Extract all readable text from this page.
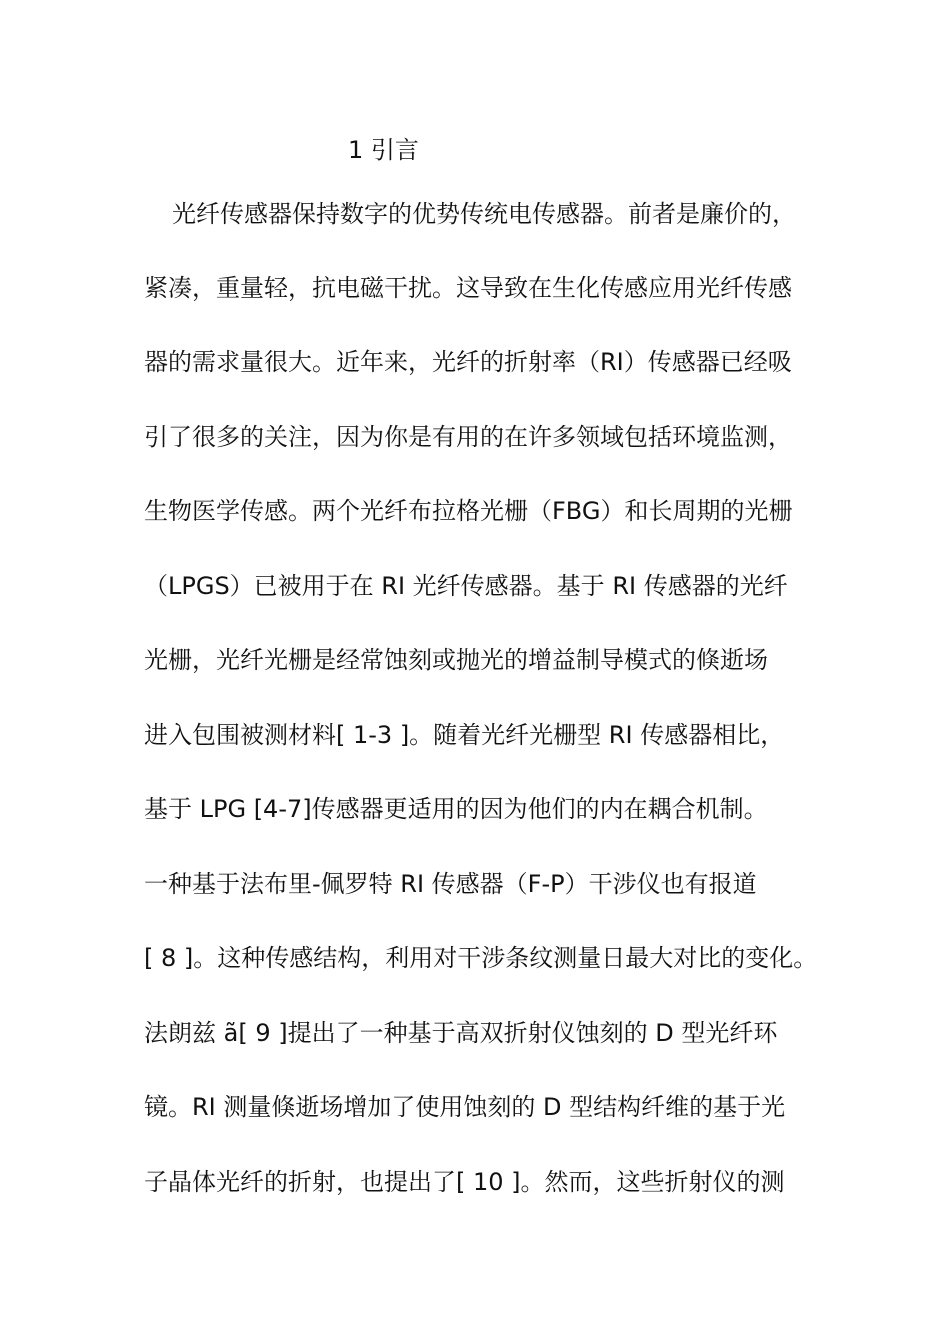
1 引言
光纤传感器保持数字的优势传统电传感器。前者是廉价的，
紧凑，重量轻，抗电磁干扰。这导致在生化传感应用光纤传感
器的需求量很大。近年来，光纤的折射率（RI）传感器已经吸
引了很多的关注，因为你是有用的在许多领域包括环境监测，
生物医学传感。两个光纤布拉格光栅（FBG）和长周期的光栅
（LPGS）已被用于在 RI 光纤传感器。基于 RI 传感器的光纤
光栅，光纤光栅是经常蚀刻或抛光的增益制导模式的倏逝场
进入包围被测材料[ 1-3 ]。随着光纤光栅型 RI 传感器相比，
基于 LPG [4-7]传感器更适用的因为他们的内在耦合机制。
一种基于法布里-佩罗特 RI 传感器（F-P）干涉仪也有报道
[ 8 ]。这种传感结构，利用对干涉条纹测量日最大对比的变化。
法朗兹 ã[ 9 ]提出了一种基于高双折射仪蚀刻的 D 型光纤环
镜。RI 测量倏逝场增加了使用蚀刻的 D 型结构纤维的基于光
子晶体光纤的折射，也提出了[ 10 ]。然而，这些折射仪的测
